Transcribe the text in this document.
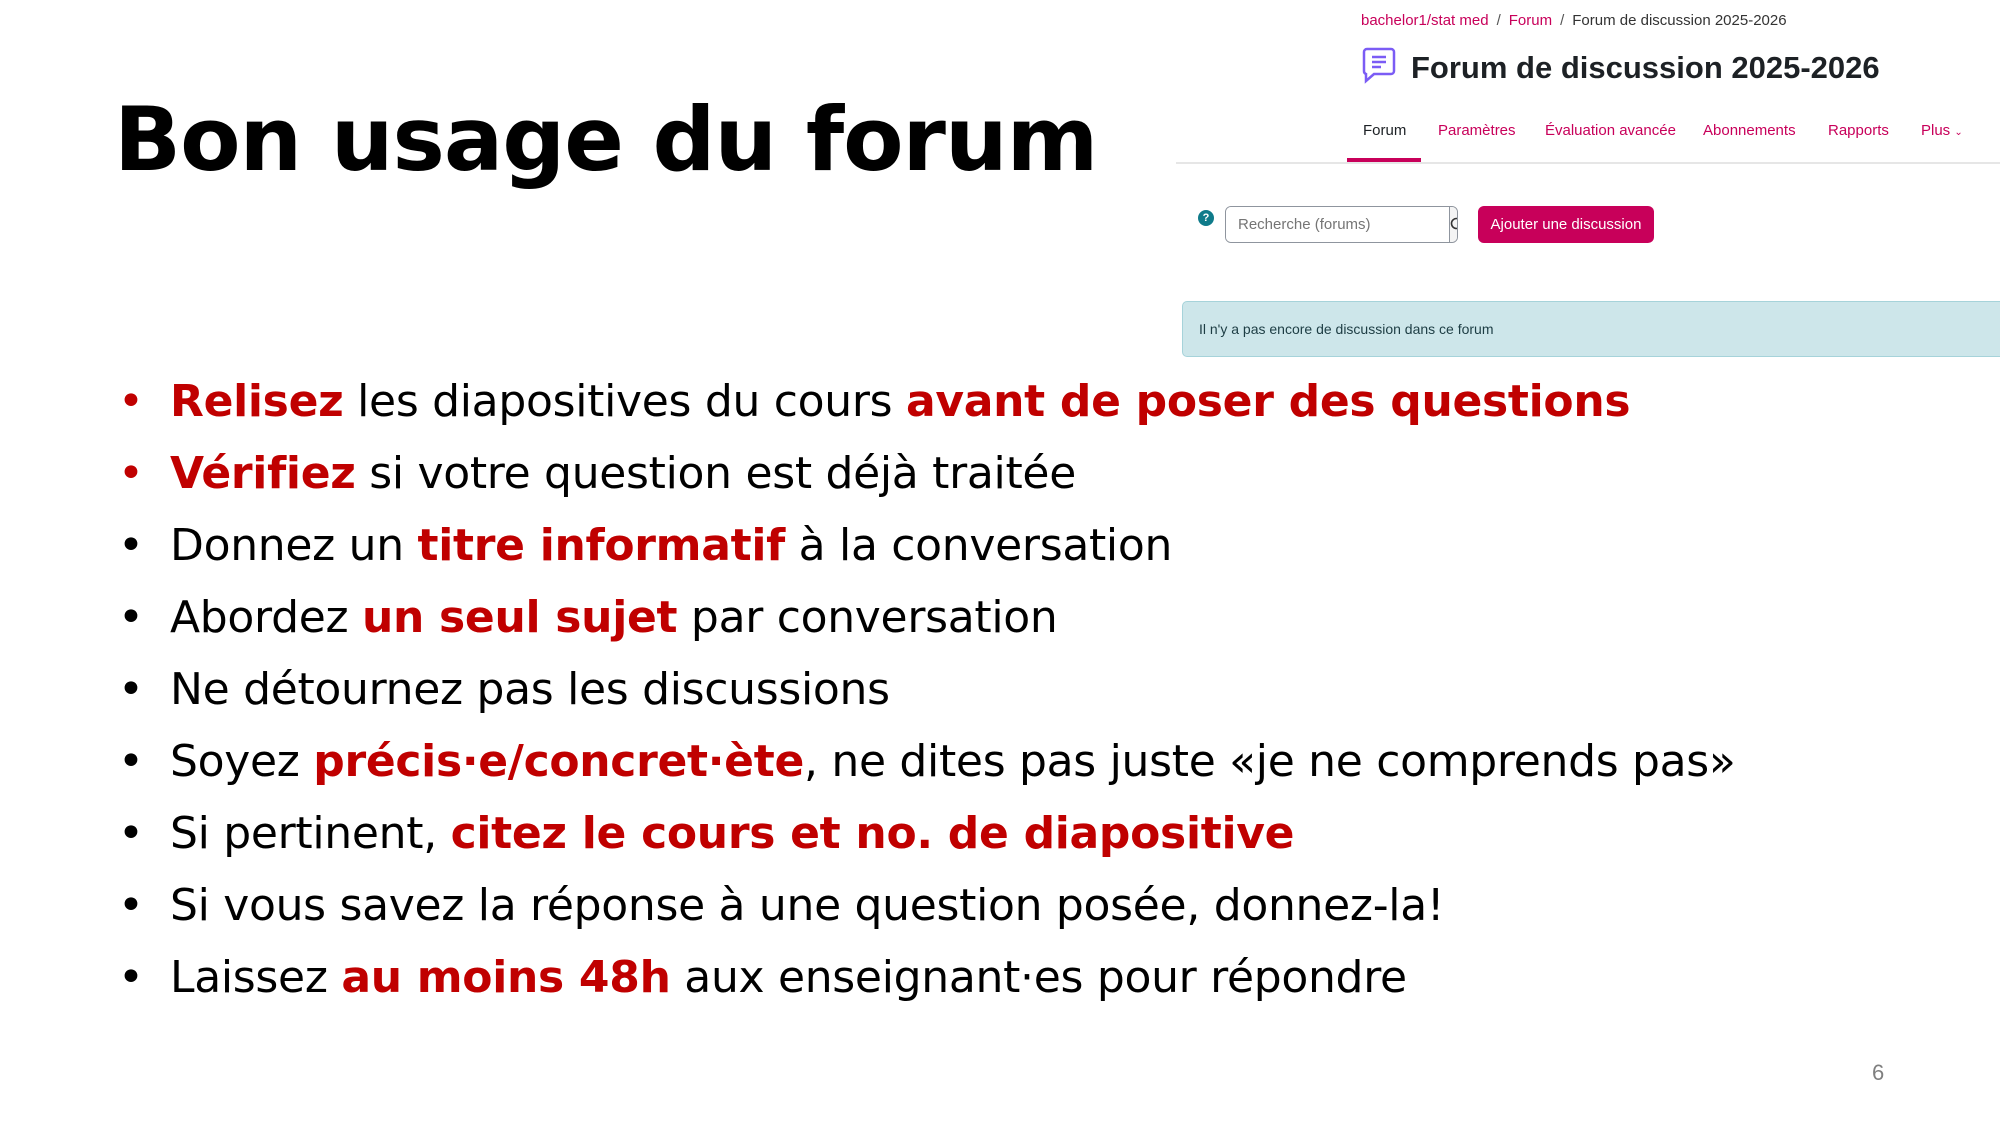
Bon usage du forum
• Relisez les diapositives du cours avant de poser des questions
• Vérifiez si votre question est déjà traitée
• Donnez un titre informatif à la conversation
• Abordez un seul sujet par conversation
• Ne détournez pas les discussions
• Soyez précis·e/concret·ète, ne dites pas juste «je ne comprends pas»
• Si pertinent, citez le cours et no. de diapositive
• Si vous savez la réponse à une question posée, donnez-la!
• Laissez au moins 48h aux enseignant·es pour répondre
bachelor1/stat med / Forum / Forum de discussion 2025-2026
Forum de discussion 2025-2026
Forum Paramètres Évaluation avancée Abonnements Rapports Plus ⌄
?
Recherche (forums)	Ajouter une discussion
Il n'y a pas encore de discussion dans ce forum
6
